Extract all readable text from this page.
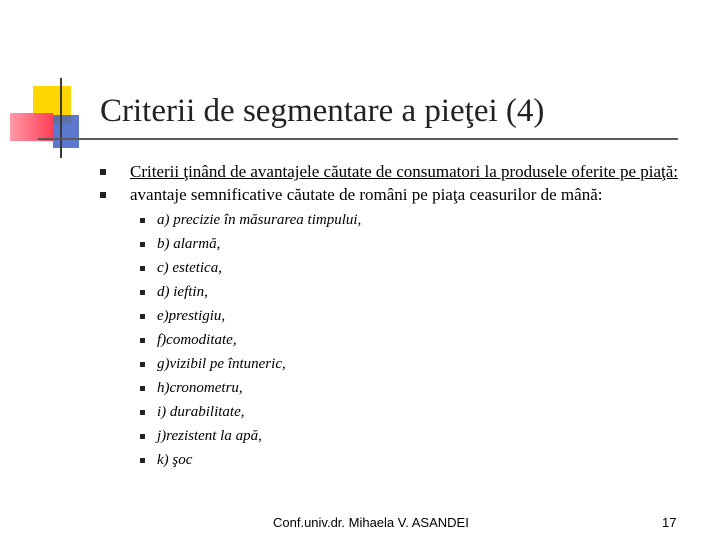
Criterii de segmentare a pieţei (4)
Criterii ţinând de avantajele căutate de consumatori la produsele oferite pe piaţă:
avantaje semnificative căutate de români pe piaţa ceasurilor de mână:
a) precizie în măsurarea timpului,
b) alarmă,
c) estetica,
d) ieftin,
e)prestigiu,
f)comoditate,
g)vizibil pe întuneric,
h)cronometru,
i) durabilitate,
j)rezistent la apă,
k) şoc
Conf.univ.dr. Mihaela V. ASANDEI	17
